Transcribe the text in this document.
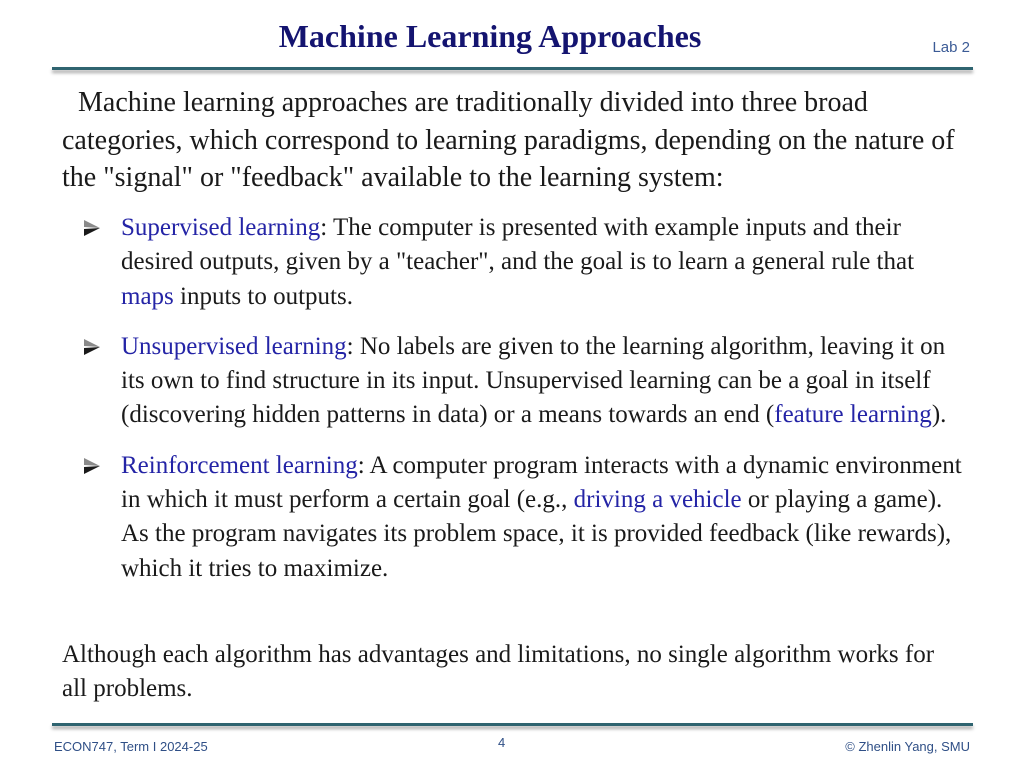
Machine Learning Approaches	Lab 2
Machine learning approaches are traditionally divided into three broad categories, which correspond to learning paradigms, depending on the nature of the "signal" or "feedback" available to the learning system:
Supervised learning: The computer is presented with example inputs and their desired outputs, given by a "teacher", and the goal is to learn a general rule that maps inputs to outputs.
Unsupervised learning: No labels are given to the learning algorithm, leaving it on its own to find structure in its input. Unsupervised learning can be a goal in itself (discovering hidden patterns in data) or a means towards an end (feature learning).
Reinforcement learning: A computer program interacts with a dynamic environment in which it must perform a certain goal (e.g., driving a vehicle or playing a game). As the program navigates its problem space, it is provided feedback (like rewards), which it tries to maximize.
Although each algorithm has advantages and limitations, no single algorithm works for all problems.
ECON747, Term I 2024-25	4	© Zhenlin Yang, SMU
